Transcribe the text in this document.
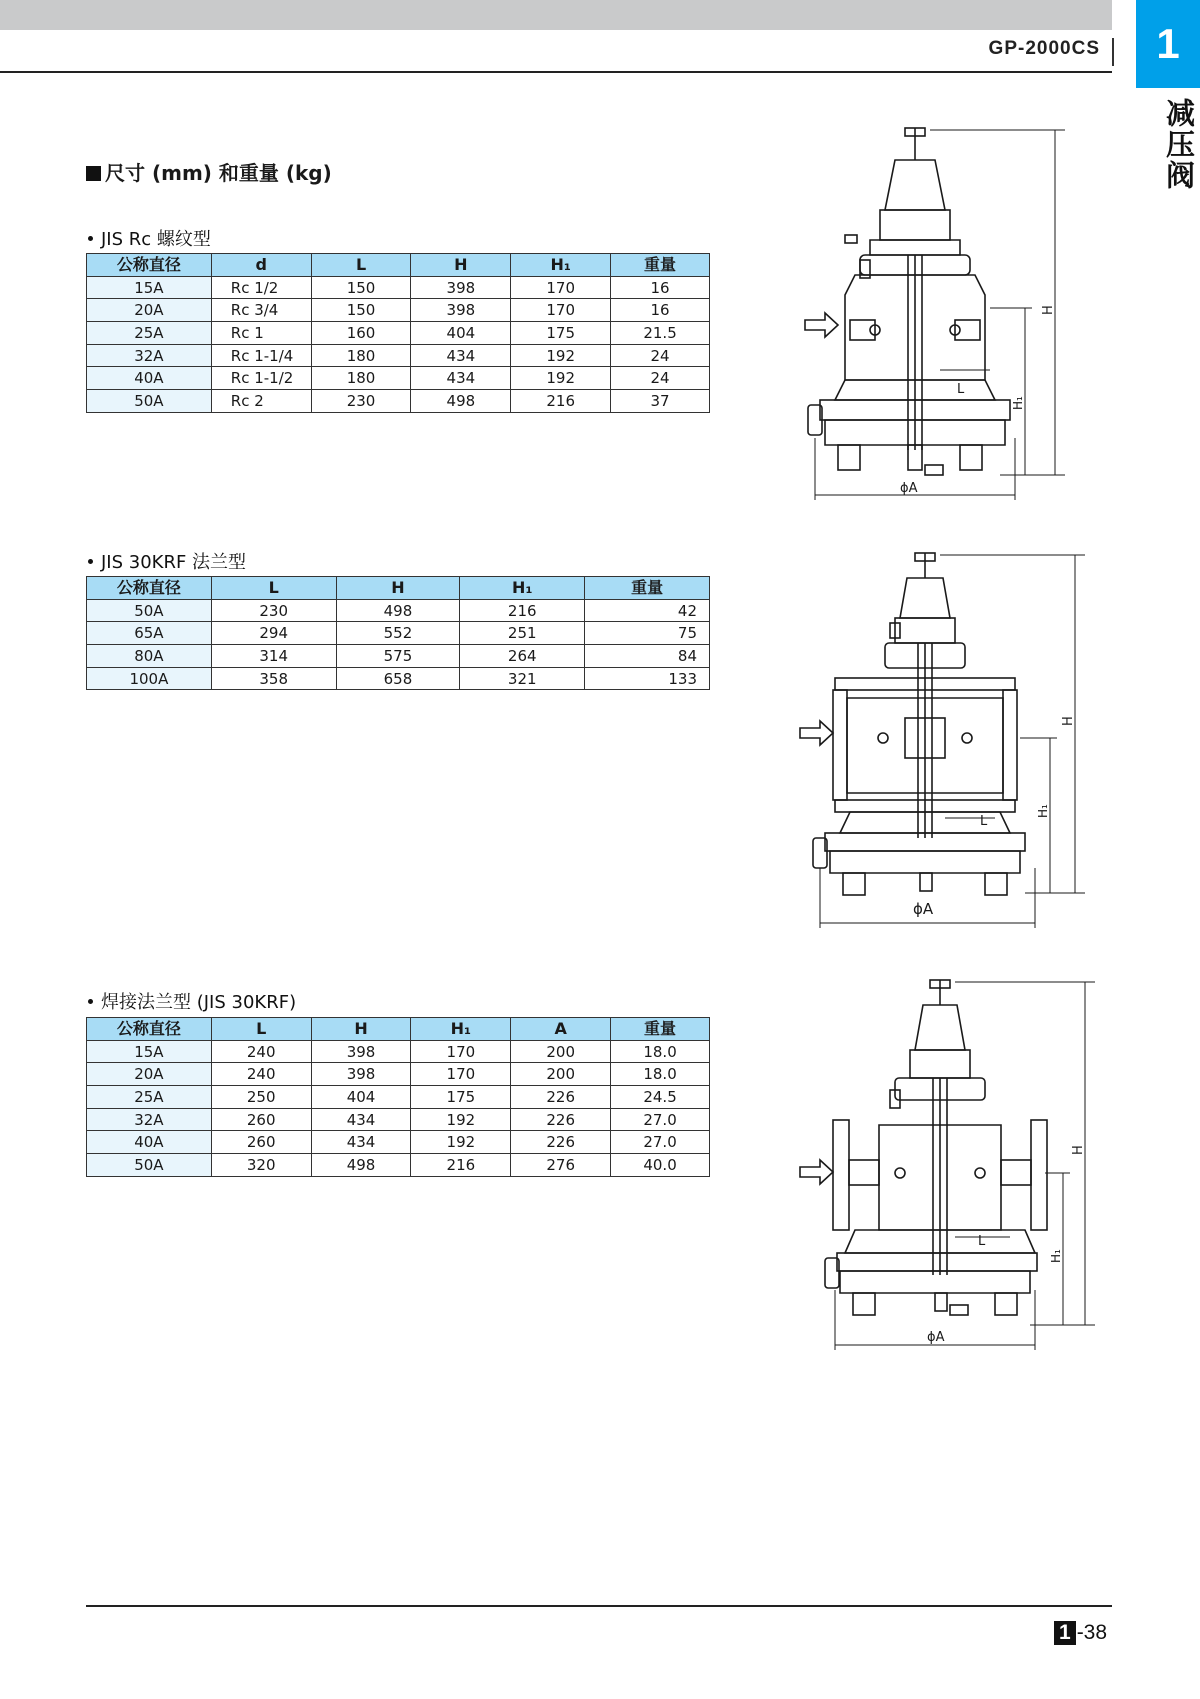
GP-2000CS	1
减压阀
尺寸 (mm) 和重量 (kg)
JIS Rc 螺纹型
公称直径	d	L	H	H₁	重量
15A	Rc 1/2	150	398	170	16
20A	Rc 3/4	150	398	170	16
25A	Rc 1	160	404	175	21.5
32A	Rc 1-1/4	180	434	192	24
40A	Rc 1-1/2	180	434	192	24
50A	Rc 2	230	498	216	37
JIS 30KRF 法兰型
公称直径	L	H	H₁	重量
50A	230	498	216	42
65A	294	552	251	75
80A	314	575	264	84
100A	358	658	321	133
焊接法兰型 (JIS 30KRF)
公称直径	L	H	H₁	A	重量
15A	240	398	170	200	18.0
20A	240	398	170	200	18.0
25A	250	404	175	226	24.5
32A	260	434	192	226	27.0
40A	260	434	192	226	27.0
50A	320	498	216	276	40.0
H
H₁
L
ϕA
H
H₁
L
ϕA
H
H₁
L
ϕA
1 -38
